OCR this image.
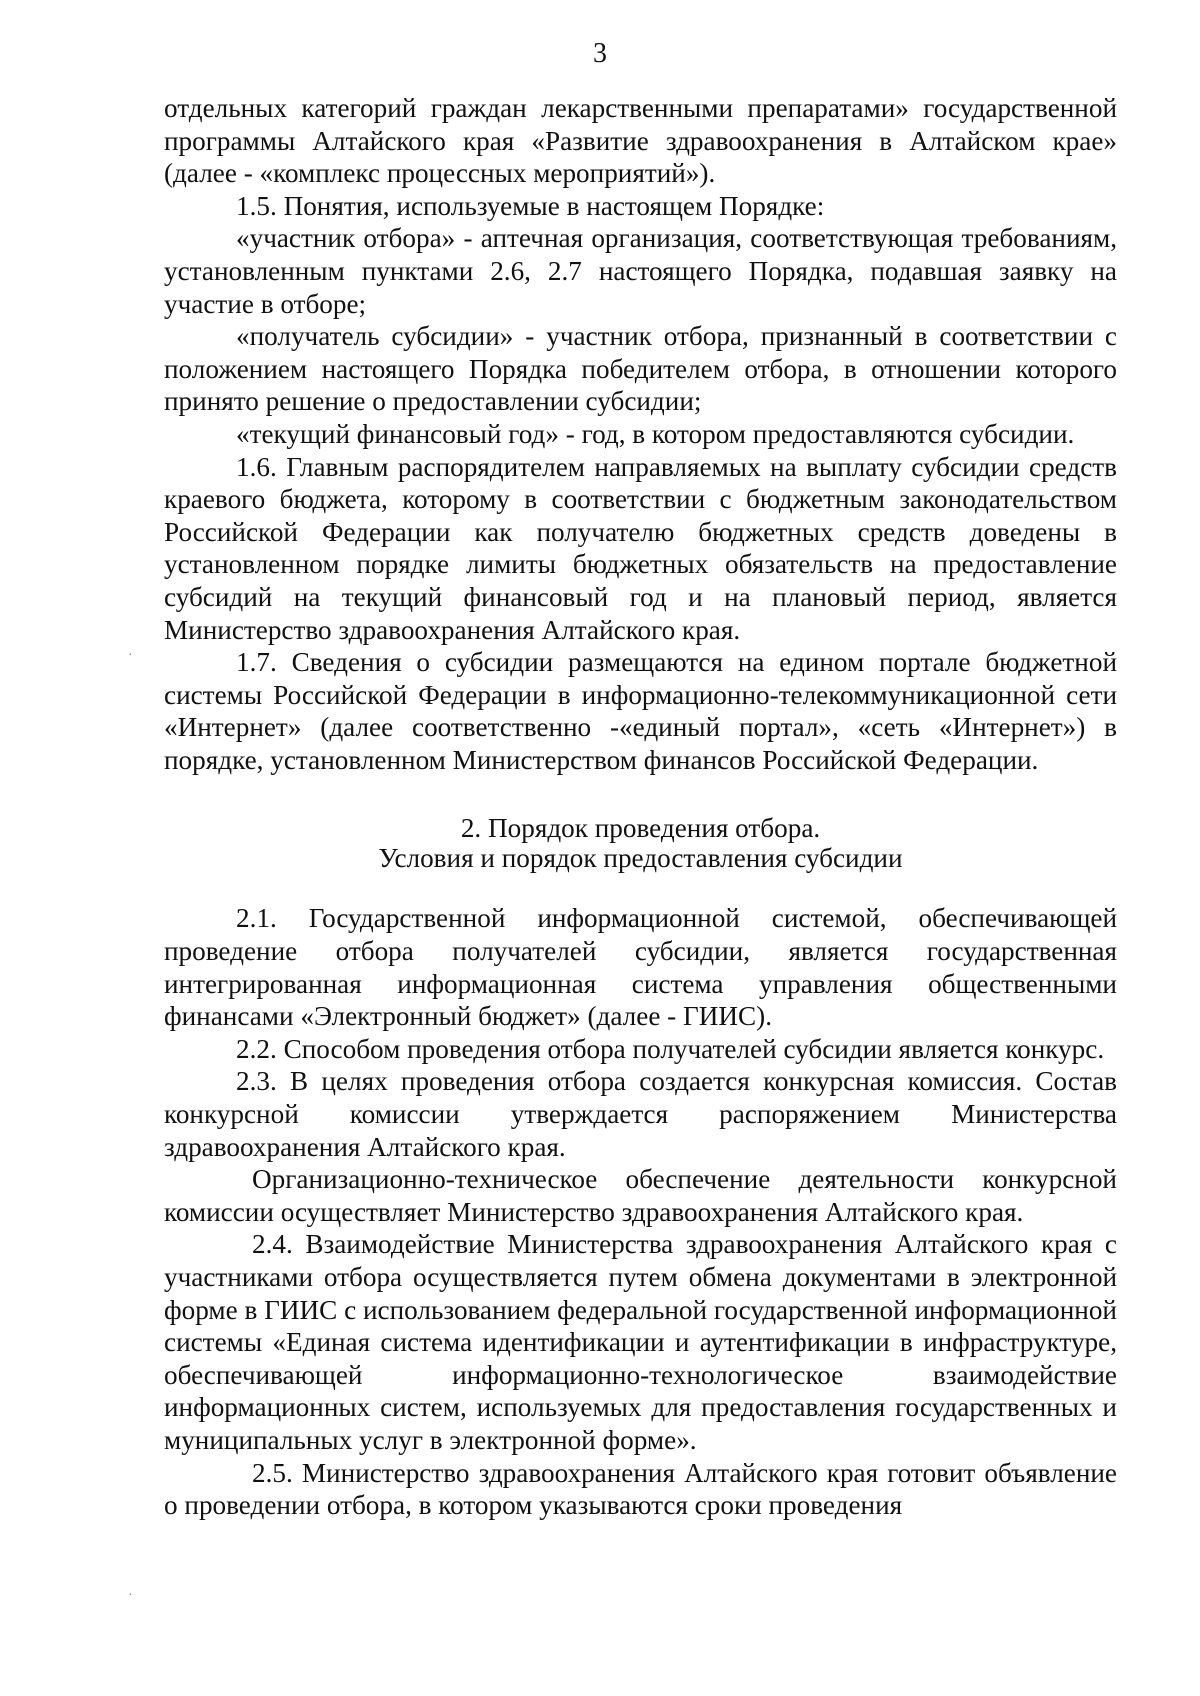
3

отдельных категорий граждан лекарственными препаратами» государственной программы Алтайского края «Развитие здравоохранения в Алтайском крае» (далее - «комплекс процессных мероприятий»).

1.5. Понятия, используемые в настоящем Порядке:

«участник отбора» - аптечная организация, соответствующая требованиям, установленным пунктами 2.6, 2.7 настоящего Порядка, подавшая заявку на участие в отборе;

«получатель субсидии» - участник отбора, признанный в соответствии с положением настоящего Порядка победителем отбора, в отношении которого принято решение о предоставлении субсидии;

«текущий финансовый год» - год, в котором предоставляются субсидии.

1.6. Главным распорядителем направляемых на выплату субсидии средств краевого бюджета, которому в соответствии с бюджетным законодательством Российской Федерации как получателю бюджетных средств доведены в установленном порядке лимиты бюджетных обязательств на предоставление субсидий на текущий финансовый год и на плановый период, является Министерство здравоохранения Алтайского края.

1.7. Сведения о субсидии размещаются на едином портале бюджетной системы Российской Федерации в информационно-телекоммуникационной сети «Интернет» (далее соответственно -«единый портал», «сеть «Интернет») в порядке, установленном Министерством финансов Российской Федерации.

2. Порядок проведения отбора.
Условия и порядок предоставления субсидии

2.1. Государственной информационной системой, обеспечивающей проведение отбора получателей субсидии, является государственная интегрированная информационная система управления общественными финансами «Электронный бюджет» (далее - ГИИС).

2.2. Способом проведения отбора получателей субсидии является конкурс.

2.3. В целях проведения отбора создается конкурсная комиссия. Состав конкурсной комиссии утверждается распоряжением Министерства здравоохранения Алтайского края.

Организационно-техническое обеспечение деятельности конкурсной комиссии осуществляет Министерство здравоохранения Алтайского края.

2.4. Взаимодействие Министерства здравоохранения Алтайского края с участниками отбора осуществляется путем обмена документами в электронной форме в ГИИС с использованием федеральной государственной информационной системы «Единая система идентификации и аутентификации в инфраструктуре, обеспечивающей информационно-технологическое взаимодействие информационных систем, используемых для предоставления государственных и муниципальных услуг в электронной форме».

2.5. Министерство здравоохранения Алтайского края готовит объявление о проведении отбора, в котором указываются сроки проведения

·
·
